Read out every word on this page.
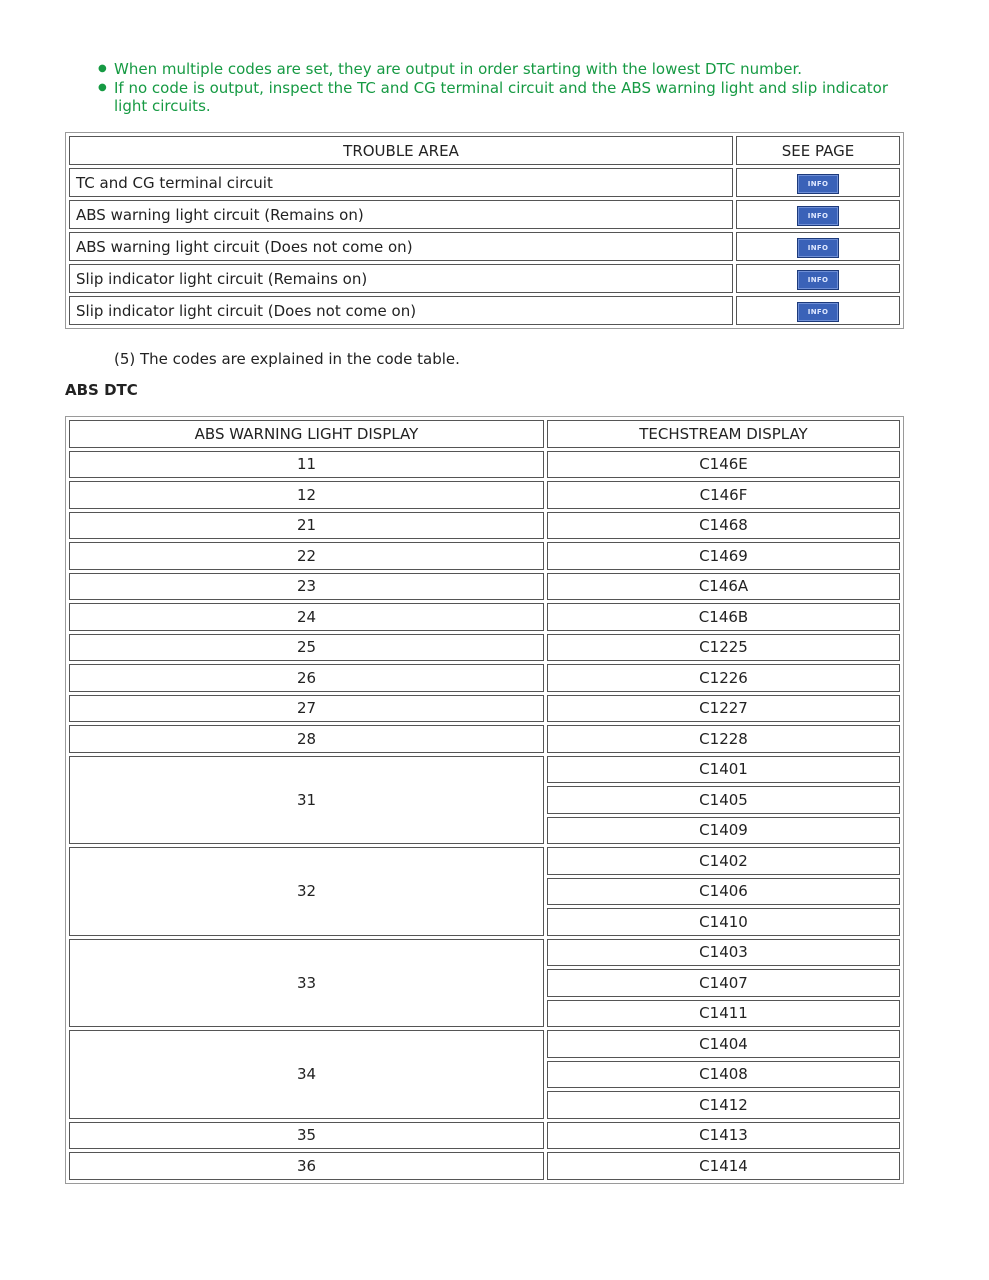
● When multiple codes are set, they are output in order starting with the lowest DTC number.
● If no code is output, inspect the TC and CG terminal circuit and the ABS warning light and slip indicator light circuits.
TROUBLE AREA	SEE PAGE
TC and CG terminal circuit	INFO
ABS warning light circuit (Remains on)	INFO
ABS warning light circuit (Does not come on)	INFO
Slip indicator light circuit (Remains on)	INFO
Slip indicator light circuit (Does not come on)	INFO
(5) The codes are explained in the code table.
ABS DTC
ABS WARNING LIGHT DISPLAY	TECHSTREAM DISPLAY
11	C146E
12	C146F
21	C1468
22	C1469
23	C146A
24	C146B
25	C1225
26	C1226
27	C1227
28	C1228
31	C1401
	C1405
	C1409
32	C1402
	C1406
	C1410
33	C1403
	C1407
	C1411
34	C1404
	C1408
	C1412
35	C1413
36	C1414
